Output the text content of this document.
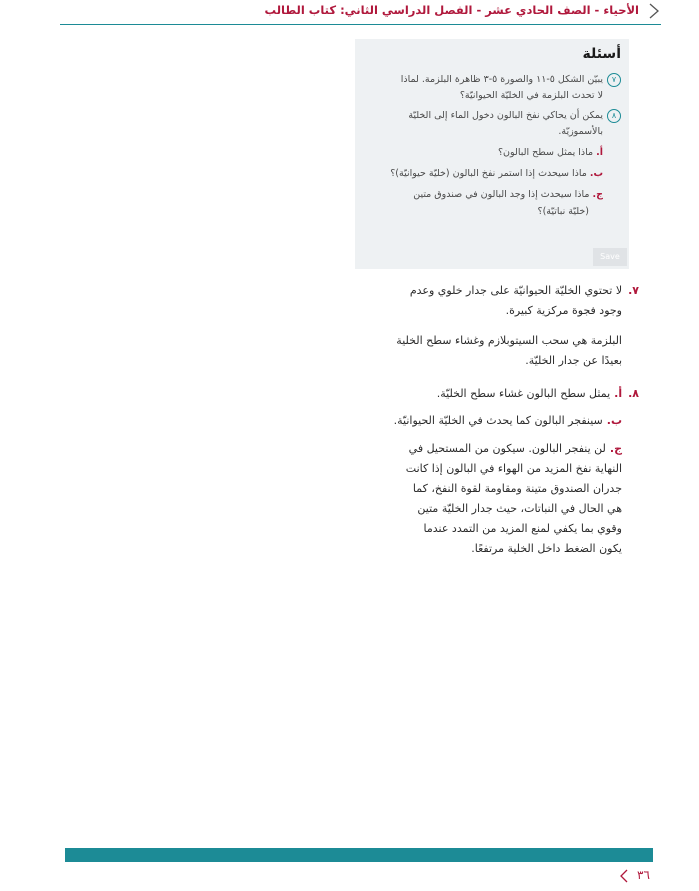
الأحياء - الصف الحادي عشر - الفصل الدراسي الثاني: كتاب الطالب
أسئلة
٧يبيّن الشكل ٥-١١ والصورة ٥-٣ ظاهرة البلزمة. لماذا
لا تحدث البلزمة في الخليّة الحيوانيّة؟
٨يمكن أن يحاكي نفخ البالون دخول الماء إلى الخليّة
بالأسموزيّة.
أ.ماذا يمثل سطح البالون؟
ب.ماذا سيحدث إذا استمر نفخ البالون (خليّة حيوانيّة)؟
ج.ماذا سيحدث إذا وجد البالون في صندوق متين
(خليّة نباتيّة)؟
Save
٧.لا تحتوي الخليّة الحيوانيّة على جدار خلوي وعدم
وجود فجوة مركزية كبيرة.
البلزمة هي سحب السيتوبلازم وغشاء سطح الخلية
بعيدًا عن جدار الخليّة.
٨.أ.يمثل سطح البالون غشاء سطح الخليّة.
ب.سينفجر البالون كما يحدث في الخليّة الحيوانيّة.
ج.لن ينفجر البالون. سيكون من المستحيل في
النهاية نفخ المزيد من الهواء في البالون إذا كانت
جدران الصندوق متينة ومقاومة لقوة النفخ، كما
هي الحال في النباتات، حيث جدار الخليّة متين
وقوي بما يكفي لمنع المزيد من التمدد عندما
يكون الضغط داخل الخلية مرتفعًا.
٣٦
